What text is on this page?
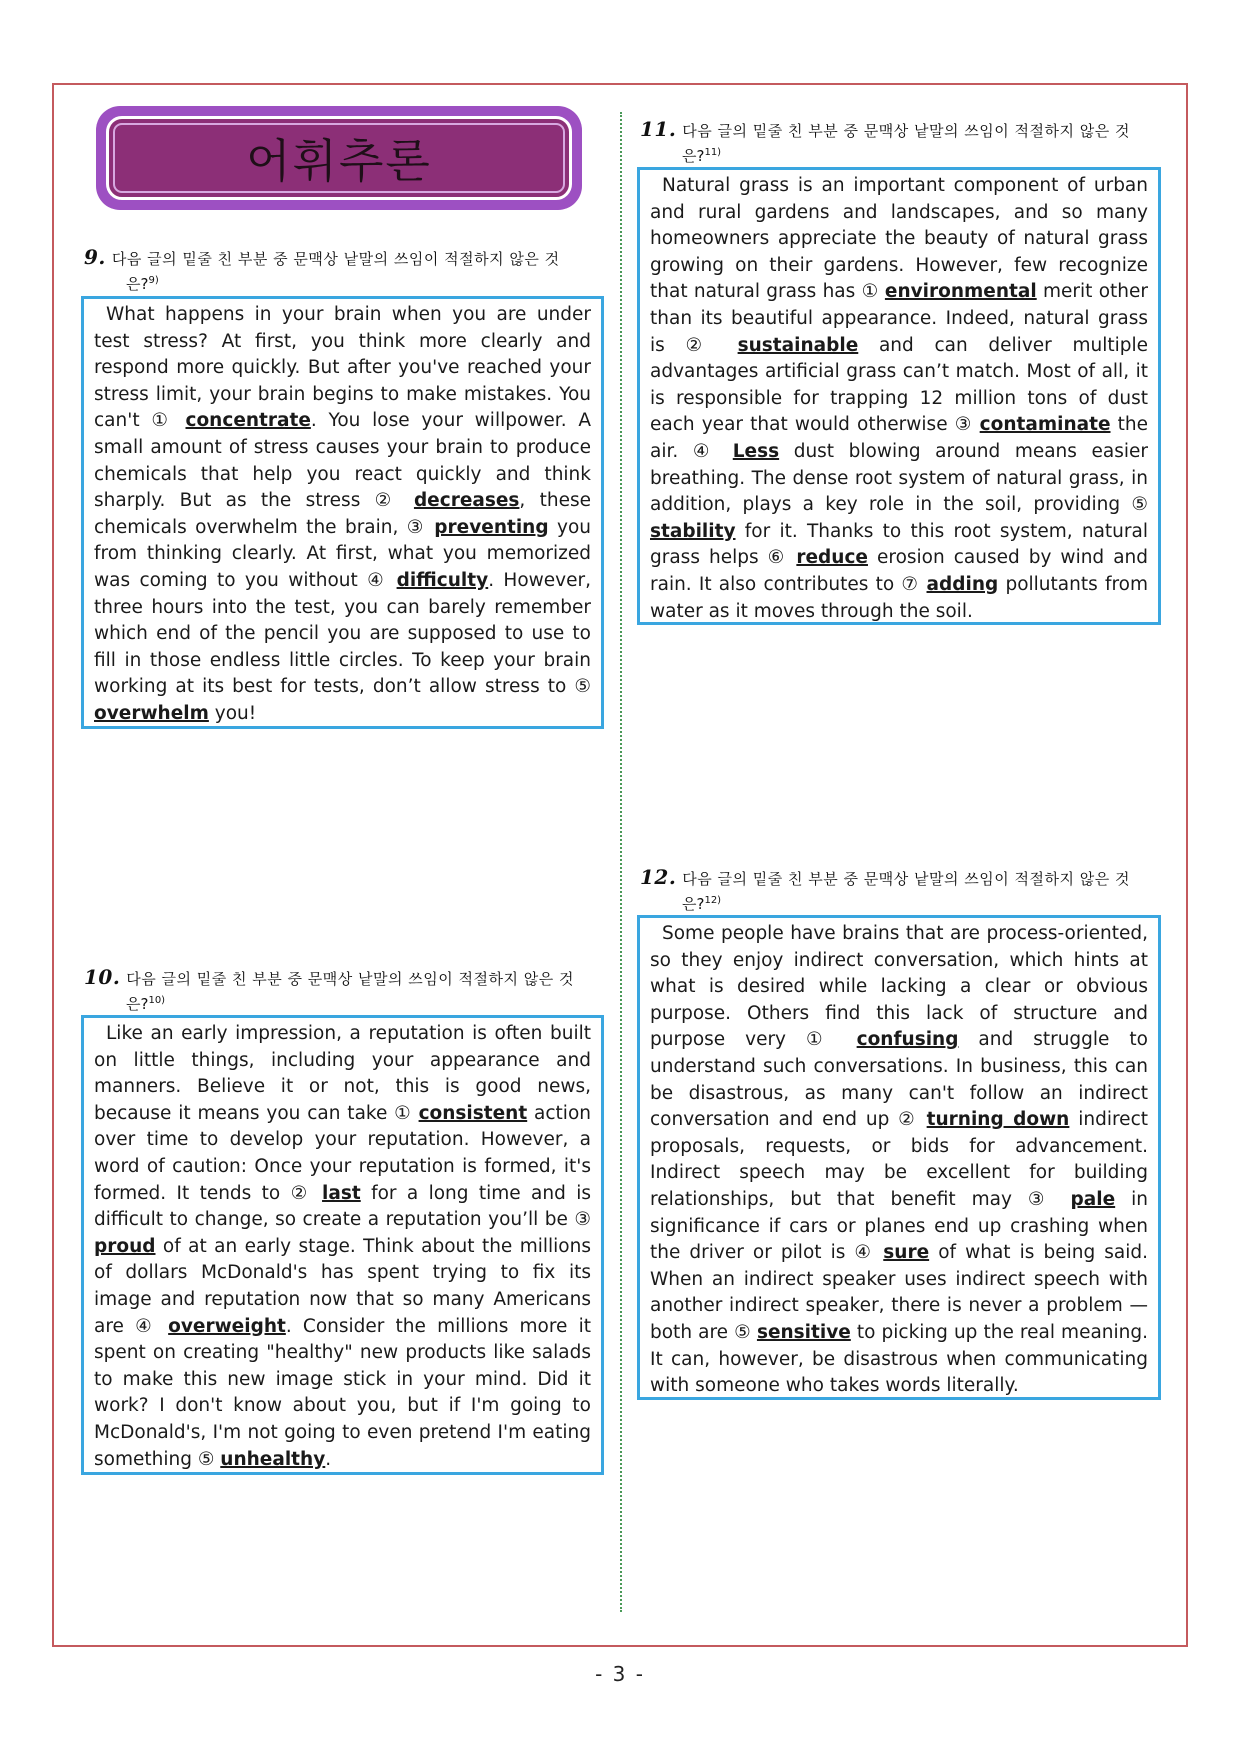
어휘추론
9. 다음 글의 밑줄 친 부분 중 문맥상 낱말의 쓰임이 적절하지 않은 것
은?$^{9)}$

What happens in your brain when you are under test stress? At first, you think more clearly and respond more quickly. But after you've reached your stress limit, your brain begins to make mistakes. You can't ① concentrate. You lose your willpower. A small amount of stress causes your brain to produce chemicals that help you react quickly and think sharply. But as the stress ② decreases, these chemicals overwhelm the brain, ③ preventing you from thinking clearly. At first, what you memorized was coming to you without ④ difficulty. However, three hours into the test, you can barely remember which end of the pencil you are supposed to use to fill in those endless little circles. To keep your brain working at its best for tests, don’t allow stress to ⑤ overwhelm you!

10. 다음 글의 밑줄 친 부분 중 문맥상 낱말의 쓰임이 적절하지 않은 것
은?$^{10)}$

Like an early impression, a reputation is often built on little things, including your appearance and manners. Believe it or not, this is good news, because it means you can take ① consistent action over time to develop your reputation. However, a word of caution: Once your reputation is formed, it's formed. It tends to ② last for a long time and is difficult to change, so create a reputation you’ll be ③ proud of at an early stage. Think about the millions of dollars McDonald's has spent trying to fix its image and reputation now that so many Americans are ④ overweight. Consider the millions more it spent on creating "healthy" new products like salads to make this new image stick in your mind. Did it work? I don't know about you, but if I'm going to McDonald's, I'm not going to even pretend I'm eating something ⑤ unhealthy.

11. 다음 글의 밑줄 친 부분 중 문맥상 낱말의 쓰임이 적절하지 않은 것
은?$^{11)}$

Natural grass is an important component of urban and rural gardens and landscapes, and so many homeowners appreciate the beauty of natural grass growing on their gardens. However, few recognize that natural grass has ① environmental merit other than its beautiful appearance. Indeed, natural grass is ② sustainable and can deliver multiple advantages artificial grass can’t match. Most of all, it is responsible for trapping 12 million tons of dust each year that would otherwise ③ contaminate the air. ④ Less dust blowing around means easier breathing. The dense root system of natural grass, in addition, plays a key role in the soil, providing ⑤ stability for it. Thanks to this root system, natural grass helps ⑥ reduce erosion caused by wind and rain. It also contributes to ⑦ adding pollutants from water as it moves through the soil.

12. 다음 글의 밑줄 친 부분 중 문맥상 낱말의 쓰임이 적절하지 않은 것
은?$^{12)}$

Some people have brains that are process-oriented, so they enjoy indirect conversation, which hints at what is desired while lacking a clear or obvious purpose. Others find this lack of structure and purpose very ① confusing and struggle to understand such conversations. In business, this can be disastrous, as many can't follow an indirect conversation and end up ② turning down indirect proposals, requests, or bids for advancement. Indirect speech may be excellent for building relationships, but that benefit may ③ pale in significance if cars or planes end up crashing when the driver or pilot is ④ sure of what is being said. When an indirect speaker uses indirect speech with another indirect speaker, there is never a problem — both are ⑤ sensitive to picking up the real meaning. It can, however, be disastrous when communicating with someone who takes words literally.

- 3 -
